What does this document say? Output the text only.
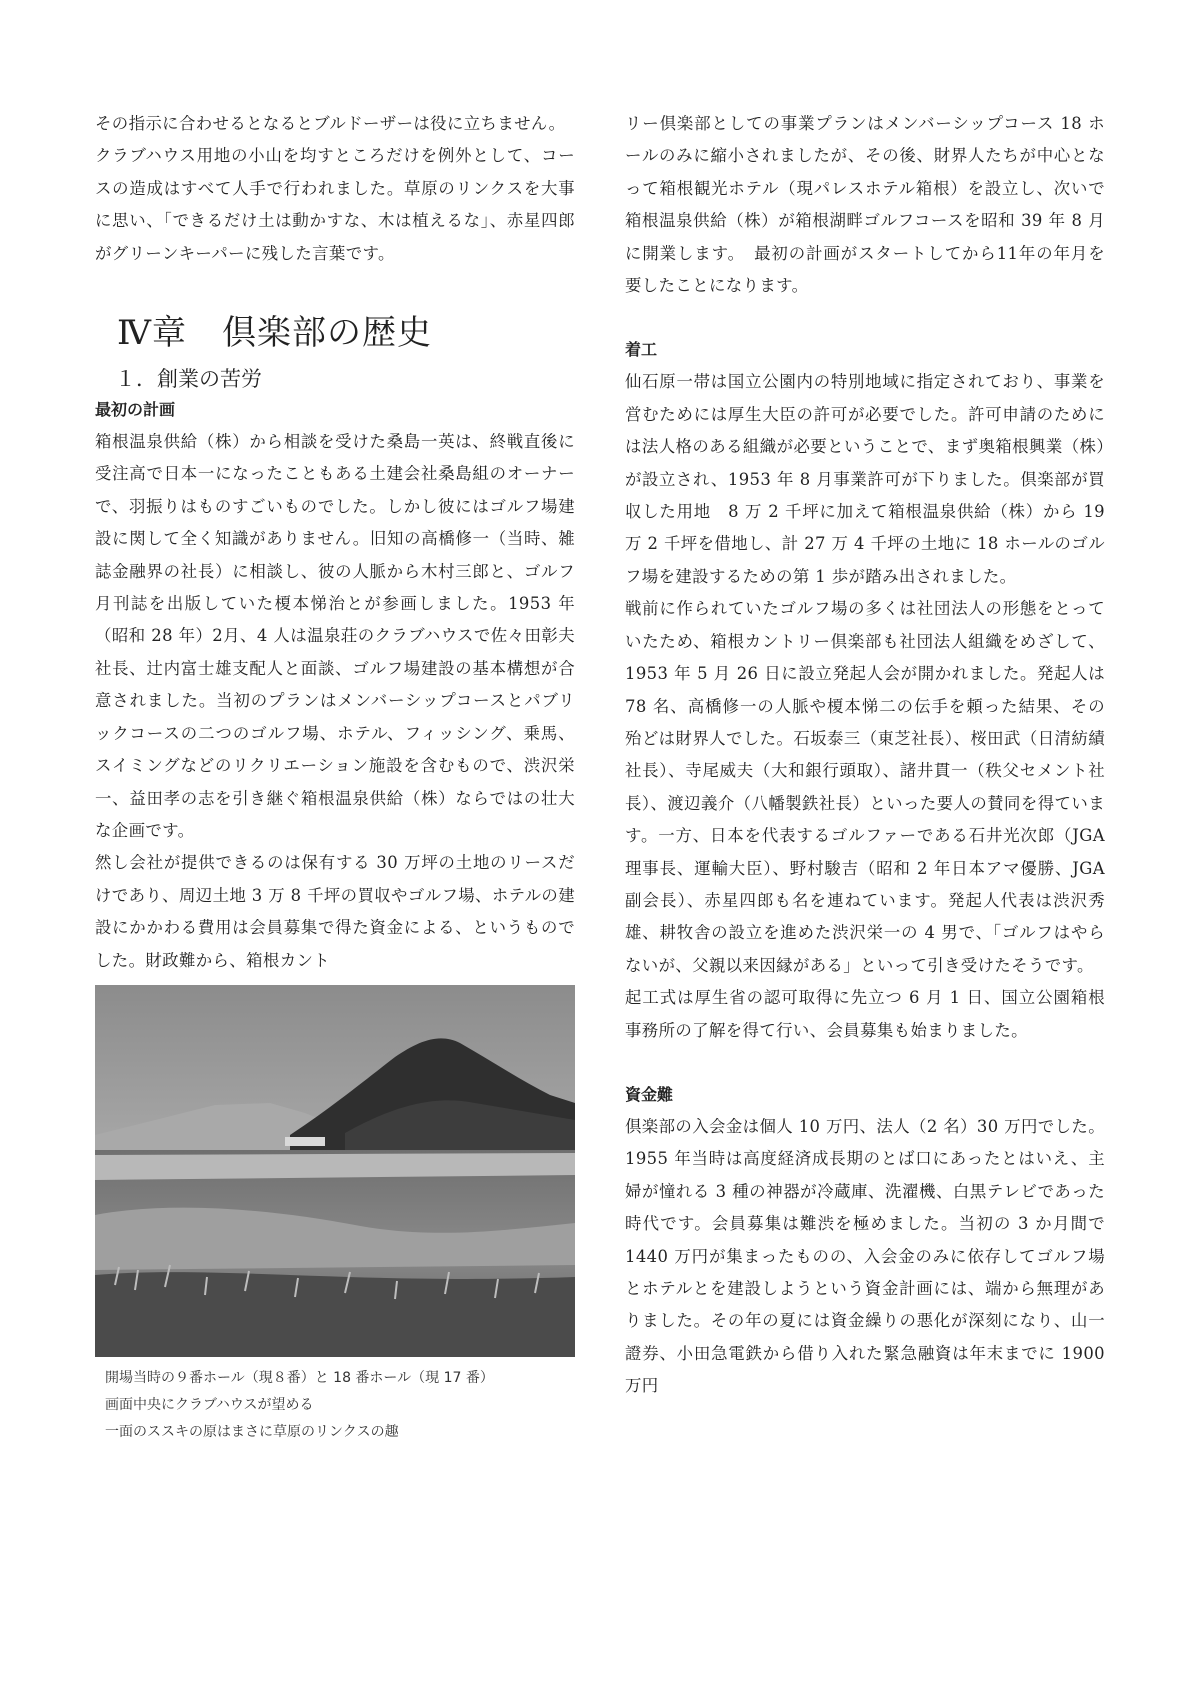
その指示に合わせるとなるとブルドーザーは役に立ちません。

クラブハウス用地の小山を均すところだけを例外として、コースの造成はすべて人手で行われました。草原のリンクスを大事に思い、「できるだけ土は動かすな、木は植えるな」、赤星四郎がグリーンキーパーに残した言葉です。

Ⅳ章　倶楽部の歴史
１．創業の苦労
最初の計画

箱根温泉供給（株）から相談を受けた桑島一英は、終戦直後に受注高で日本一になったこともある土建会社桑島組のオーナーで、羽振りはものすごいものでした。しかし彼にはゴルフ場建設に関して全く知識がありません。旧知の高橋修一（当時、雑誌金融界の社長）に相談し、彼の人脈から木村三郎と、ゴルフ月刊誌を出版していた榎本悌治とが参画しました。1953 年（昭和 28 年）2月、4 人は温泉荘のクラブハウスで佐々田彰夫社長、辻内富士雄支配人と面談、ゴルフ場建設の基本構想が合意されました。当初のプランはメンバーシップコースとパブリックコースの二つのゴルフ場、ホテル、フィッシング、乗馬、スイミングなどのリクリエーション施設を含むもので、渋沢栄一、益田孝の志を引き継ぐ箱根温泉供給（株）ならではの壮大な企画です。

然し会社が提供できるのは保有する 30 万坪の土地のリースだけであり、周辺土地 3 万 8 千坪の買収やゴルフ場、ホテルの建設にかかわる費用は会員募集で得た資金による、というものでした。財政難から、箱根カント

開場当時の９番ホール（現８番）と 18 番ホール（現 17 番）
画面中央にクラブハウスが望める
一面のススキの原はまさに草原のリンクスの趣

リー倶楽部としての事業プランはメンバーシップコース 18 ホールのみに縮小されましたが、その後、財界人たちが中心となって箱根観光ホテル（現パレスホテル箱根）を設立し、次いで箱根温泉供給（株）が箱根湖畔ゴルフコースを昭和 39 年 8 月に開業します。　最初の計画がスタートしてから11年の年月を要したことになります。

着工

仙石原一帯は国立公園内の特別地域に指定されており、事業を営むためには厚生大臣の許可が必要でした。許可申請のためには法人格のある組織が必要ということで、まず奥箱根興業（株）が設立され、1953 年 8 月事業許可が下りました。倶楽部が買収した用地　8 万 2 千坪に加えて箱根温泉供給（株）から 19 万 2 千坪を借地し、計 27 万 4 千坪の土地に 18 ホールのゴルフ場を建設するための第 1 歩が踏み出されました。

戦前に作られていたゴルフ場の多くは社団法人の形態をとっていたため、箱根カントリー倶楽部も社団法人組織をめざして、1953 年 5 月 26 日に設立発起人会が開かれました。発起人は 78 名、高橋修一の人脈や榎本悌二の伝手を頼った結果、その殆どは財界人でした。石坂泰三（東芝社長）、桜田武（日清紡績社長）、寺尾威夫（大和銀行頭取）、諸井貫一（秩父セメント社長）、渡辺義介（八幡製鉄社長）といった要人の賛同を得ています。一方、日本を代表するゴルファーである石井光次郎（JGA理事長、運輸大臣）、野村駿吉（昭和 2 年日本アマ優勝、JGA 副会長）、赤星四郎も名を連ねています。発起人代表は渋沢秀雄、耕牧舎の設立を進めた渋沢栄一の 4 男で、「ゴルフはやらないが、父親以来因縁がある」といって引き受けたそうです。

起工式は厚生省の認可取得に先立つ 6 月 1 日、国立公園箱根事務所の了解を得て行い、会員募集も始まりました。

資金難

倶楽部の入会金は個人 10 万円、法人（2 名）30 万円でした。1955 年当時は高度経済成長期のとば口にあったとはいえ、主婦が憧れる 3 種の神器が冷蔵庫、洗濯機、白黒テレビであった時代です。会員募集は難渋を極めました。当初の 3 か月間で 1440 万円が集まったものの、入会金のみに依存してゴルフ場とホテルとを建設しようという資金計画には、端から無理がありました。その年の夏には資金繰りの悪化が深刻になり、山一證券、小田急電鉄から借り入れた緊急融資は年末までに 1900 万円
